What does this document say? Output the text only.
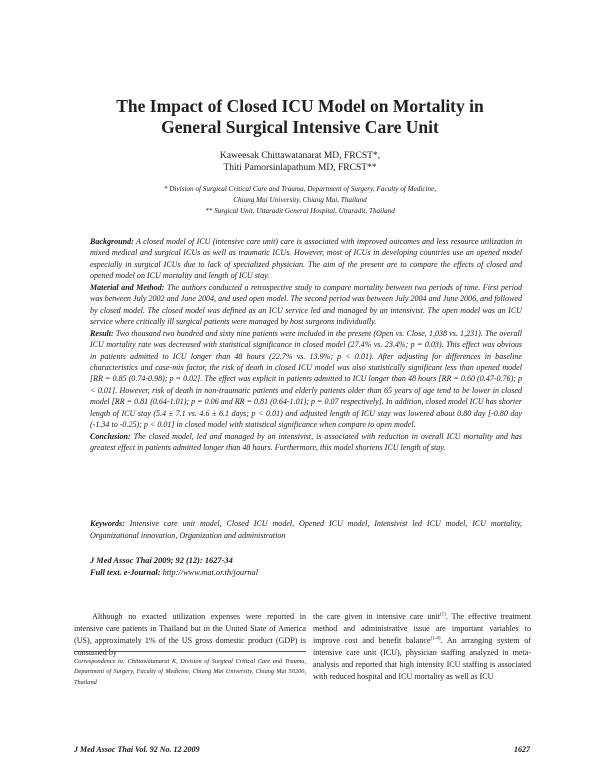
The Impact of Closed ICU Model on Mortality in
General Surgical Intensive Care Unit
Kaweesak Chittawatanarat MD, FRCST*,
Thiti Pamorsinlapathum MD, FRCST**
* Division of Surgical Critical Care and Trauma, Department of Surgery, Faculty of Medicine,
Chiang Mai University, Chiang Mai, Thailand
** Surgical Unit, Uttaradit General Hospital, Uttaradit, Thailand

Background: A closed model of ICU (intensive care unit) care is associated with improved outcomes and less resource utilization in mixed medical and surgical ICUs as well as traumatic ICUs. However, most of ICUs in developing countries use an opened model especially in surgical ICUs due to lack of specialized physician. The aim of the present are to compare the effects of closed and opened model on ICU mortality and length of ICU stay.

Material and Method: The authors conducted a retrospective study to compare mortality between two periods of time. First period was between July 2002 and June 2004, and used open model. The second period was between July 2004 and June 2006, and followed by closed model. The closed model was defined as an ICU service led and managed by an intensivist. The open model was an ICU service where critically ill surgical patients were managed by host surgeons individually.

Result: Two thousand two hundred and sixty nine patients were included in the present (Open vs. Close, 1,038 vs. 1,231). The overall ICU mortality rate was decreased with statistical significance in closed model (27.4% vs. 23.4%; p = 0.03). This effect was obvious in patients admitted to ICU longer than 48 hours (22.7% vs. 13.9%; p < 0.01). After adjusting for differences in baseline characteristics and case-mix factor, the risk of death in closed ICU model was also statistically significant less than opened model [RR = 0.85 (0.74-0.98); p = 0.02]. The effect was explicit in patients admitted to ICU longer than 48 hours [RR = 0.60 (0.47-0.76); p < 0.01]. However, risk of death in non-traumatic patients and elderly patients older than 65 years of age tend to be lower in closed model [RR = 0.81 (0.64-1.01); p = 0.06 and RR = 0.81 (0.64-1.01); p = 0.07 respectively]. In addition, closed model ICU has shorter length of ICU stay (5.4 ± 7.1 vs. 4.6 ± 6.1 days; p < 0.01) and adjusted length of ICU stay was lowered about 0.80 day [-0.80 day (-1.34 to -0.25); p < 0.01] in closed model with statistical significance when compare to open model.

Conclusion: The closed model, led and managed by an intensivist, is associated with reduction in overall ICU mortality and has greatest effect in patients admitted longer than 48 hours. Furthermore, this model shortens ICU length of stay.

Keywords: Intensive care unit model, Closed ICU model, Opened ICU model, Intensivist led ICU model, ICU mortality, Organizational innovation, Organization and administration
J Med Assoc Thai 2009; 92 (12): 1627-34
Full text. e-Journal: http://www.mat.or.th/journal

Although no exacted utilization expenses were reported in intensive care patients in Thailand but in the United State of America (US), approximately 1% of the US gross domestic product (GDP) is consumed by

Correspondence to: Chittawatanarat K, Division of Surgical Critical Care and Trauma, Department of Surgery, Faculty of Medicine, Chiang Mai University, Chiang Mai 50200, Thailand

the care given in intensive care unit$^{(1)}$. The effective treatment method and administrative issue are important variables to improve cost and benefit balance$^{(1-4)}$. An arranging system of intensive care unit (ICU), physician staffing analyzed in meta-analysis and reported that high intensity ICU staffing is associated with reduced hospital and ICU mortality as well as ICU

J Med Assoc Thai Vol. 92 No. 12 2009	1627
